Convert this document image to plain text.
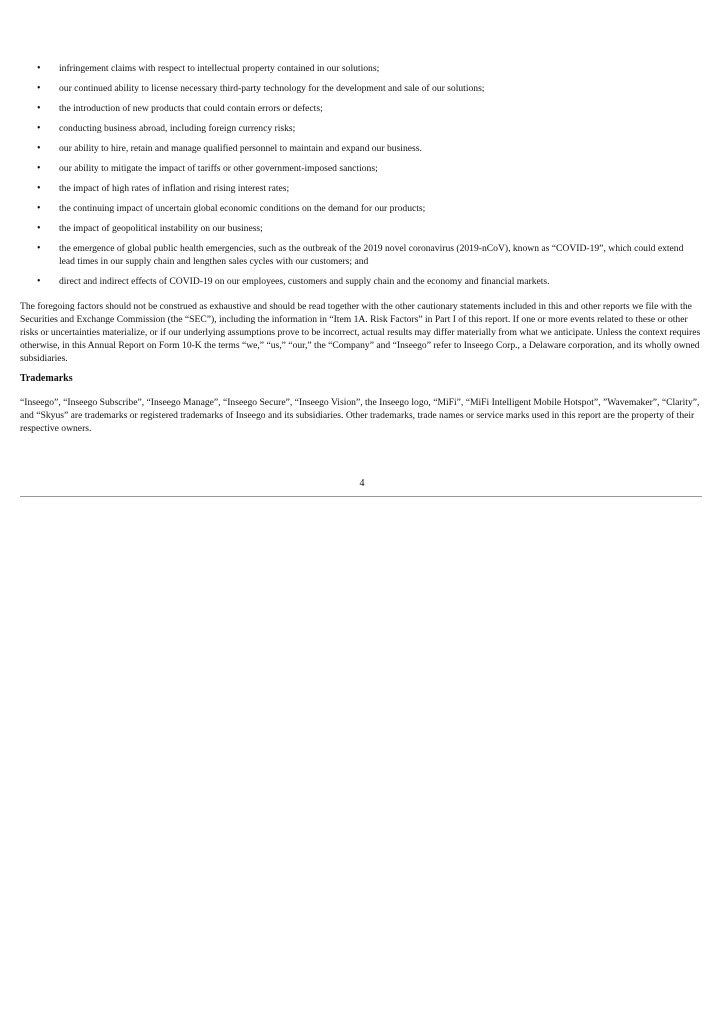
• infringement claims with respect to intellectual property contained in our solutions;
• our continued ability to license necessary third-party technology for the development and sale of our solutions;
• the introduction of new products that could contain errors or defects;
• conducting business abroad, including foreign currency risks;
• our ability to hire, retain and manage qualified personnel to maintain and expand our business.
• our ability to mitigate the impact of tariffs or other government-imposed sanctions;
• the impact of high rates of inflation and rising interest rates;
• the continuing impact of uncertain global economic conditions on the demand for our products;
• the impact of geopolitical instability on our business;
• the emergence of global public health emergencies, such as the outbreak of the 2019 novel coronavirus (2019-nCoV), known as “COVID-19”, which could extend lead times in our supply chain and lengthen sales cycles with our customers; and
• direct and indirect effects of COVID-19 on our employees, customers and supply chain and the economy and financial markets.

The foregoing factors should not be construed as exhaustive and should be read together with the other cautionary statements included in this and other reports we file with the Securities and Exchange Commission (the “SEC”), including the information in “Item 1A. Risk Factors” in Part I of this report. If one or more events related to these or other risks or uncertainties materialize, or if our underlying assumptions prove to be incorrect, actual results may differ materially from what we anticipate. Unless the context requires otherwise, in this Annual Report on Form 10-K the terms “we,” “us,” “our,” the “Company” and “Inseego” refer to Inseego Corp., a Delaware corporation, and its wholly owned subsidiaries.

Trademarks

“Inseego”, “Inseego Subscribe”, “Inseego Manage”, “Inseego Secure”, “Inseego Vision”, the Inseego logo, “MiFi”, “MiFi Intelligent Mobile Hotspot”, ”Wavemaker”, “Clarity”, and “Skyus” are trademarks or registered trademarks of Inseego and its subsidiaries. Other trademarks, trade names or service marks used in this report are the property of their respective owners.

4
